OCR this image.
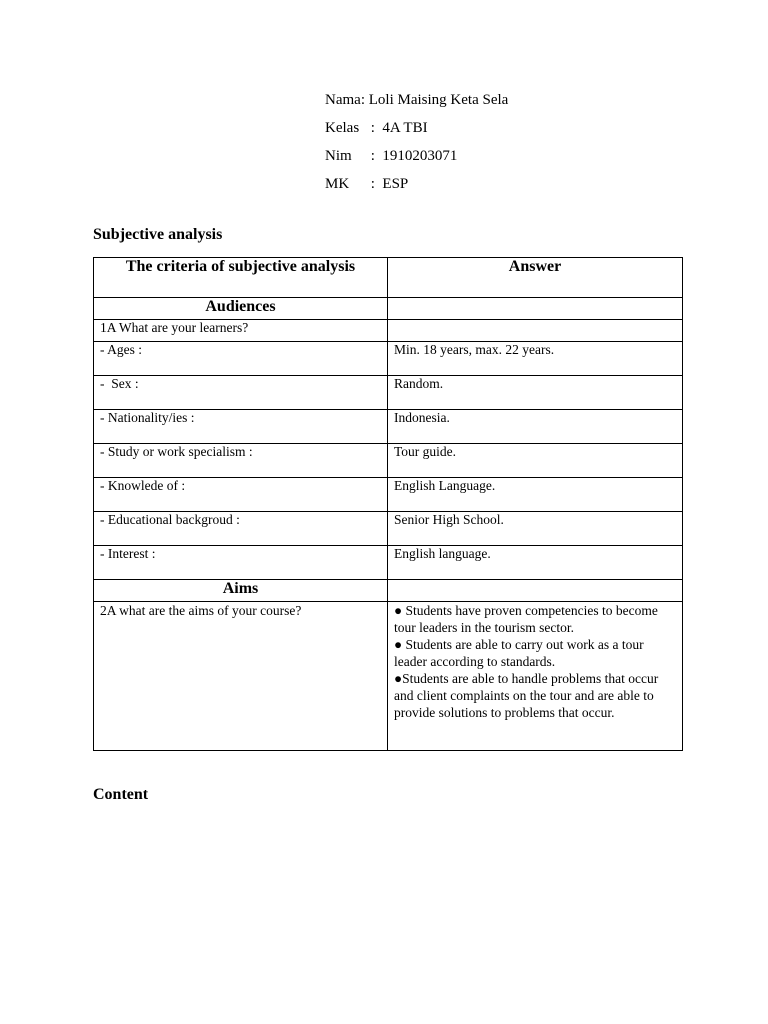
Nama : Loli Maising Keta Sela
Kelas :  4A TBI
Nim	:  1910203071
MK	:  ESP
Subjective analysis
The criteria of subjective analysis	Answer
Audiences	
1A What are your learners?	
- Ages :	Min. 18 years, max. 22 years.
-  Sex :	Random.
- Nationality/ies :	Indonesia.
- Study or work specialism :	Tour guide.
- Knowlede of :	English Language.
- Educational backgroud :	Senior High School.
- Interest :	English language.
Aims	
2A what are the aims of your course?	● Students have proven competencies to become tour leaders in the tourism sector.
● Students are able to carry out work as a tour leader according to standards.
●Students are able to handle problems that occur and client complaints on the tour and are able to provide solutions to problems that occur.
Content
